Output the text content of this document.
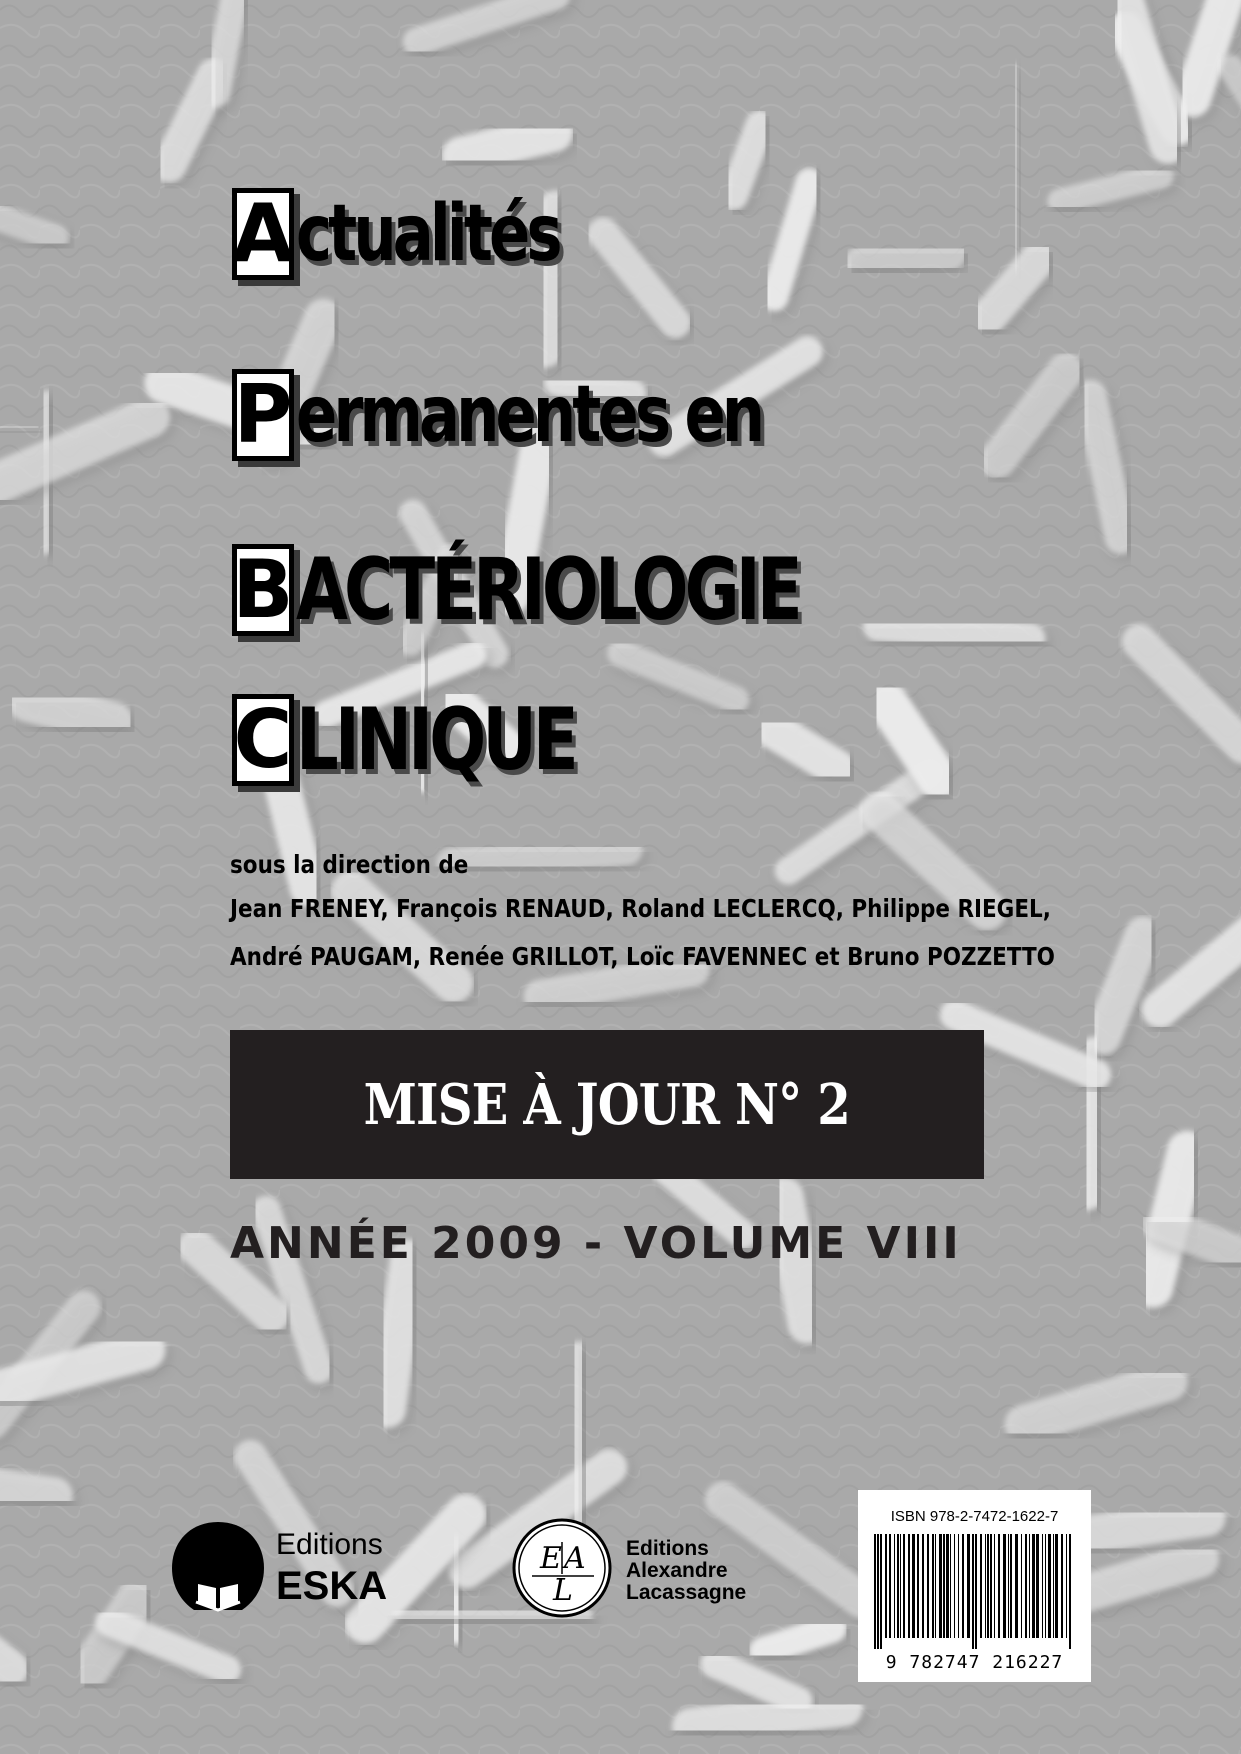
A ctualités
P ermanentes en
B ACTÉRIOLOGIE
C LINIQUE
sous la direction de
Jean FRENEY, François RENAUD, Roland LECLERCQ, Philippe RIEGEL,
André PAUGAM, Renée GRILLOT, Loïc FAVENNEC et Bruno POZZETTO
MISE À JOUR N° 2
ANNÉE 2009 - VOLUME VIII
Editions
ESKA
E A
L
Editions
Alexandre
Lacassagne
ISBN 978-2-7472-1622-7
9 782747 216227
